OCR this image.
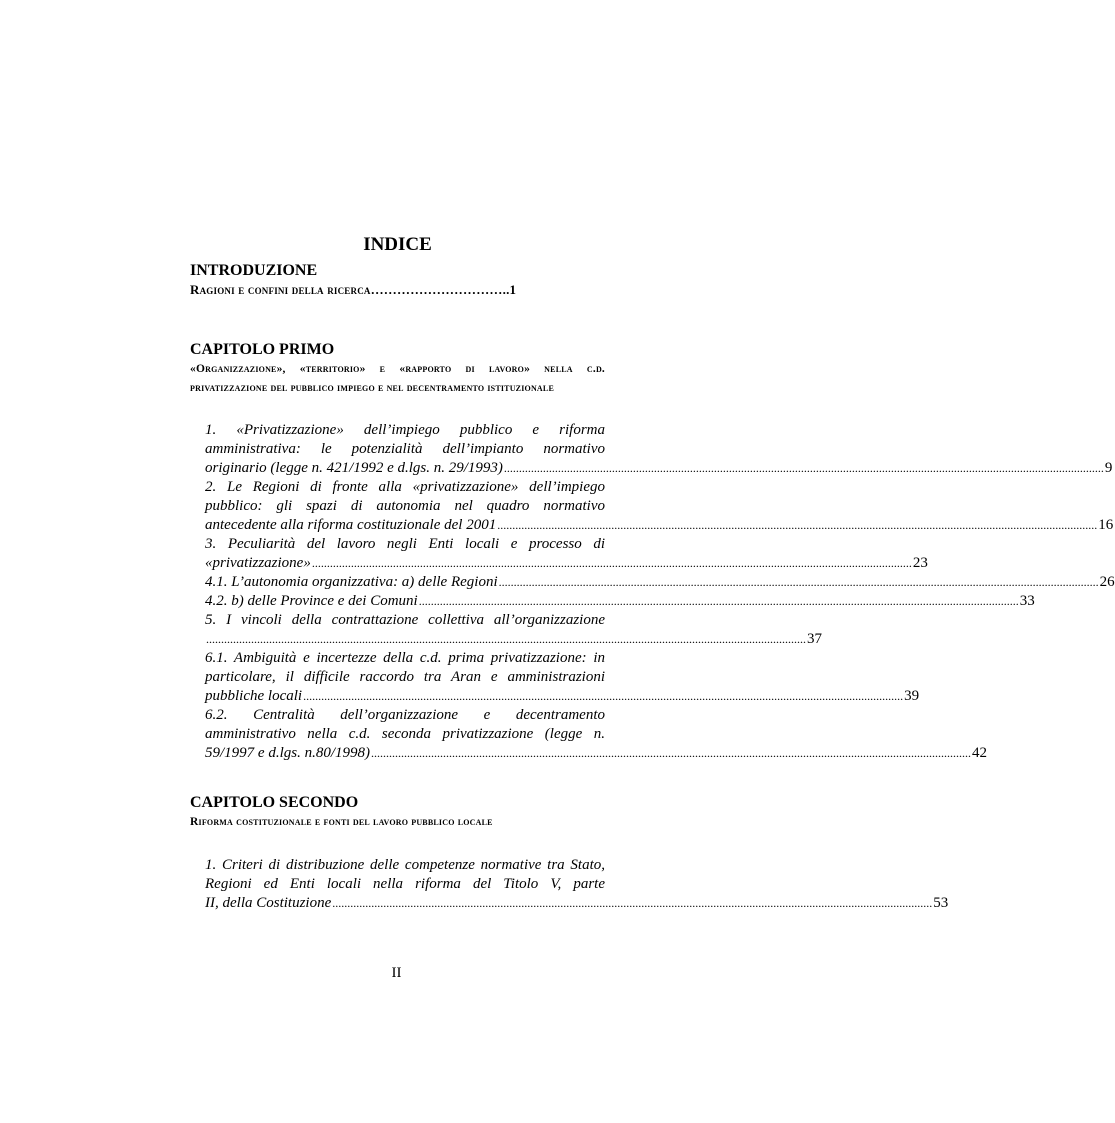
INDICE
INTRODUZIONE
Ragioni e confini della ricerca …………………………. .1
CAPITOLO PRIMO
«Organizzazione», «territorio» e «rapporto di lavoro» nella c.d. privatizzazione del pubblico impiego e nel decentramento istituzionale
1. «Privatizzazione» dell’impiego pubblico e riforma amministrativa: le potenzialità dell’impianto normativo
originario (legge n. 421/1992 e d.lgs. n. 29/1993) ........................................................................................................................................................................................................ 9
2. Le Regioni di fronte alla «privatizzazione» dell’impiego pubblico: gli spazi di autonomia nel quadro normativo
antecedente alla riforma costituzionale del 2001 ........................................................................................................................................................................................................ 16
3. Peculiarità del lavoro negli Enti locali e processo di
«privatizzazione» ........................................................................................................................................................................................................ 23
4.1. L’autonomia organizzativa: a) delle Regioni ........................................................................................................................................................................................................ 26
4.2. b) delle Province e dei Comuni ........................................................................................................................................................................................................ 33
5. I vincoli della contrattazione collettiva all’organizzazione
........................................................................................................................................................................................................ 37
6.1. Ambiguità e incertezze della c.d. prima privatizzazione: in particolare, il difficile raccordo tra Aran e amministrazioni
pubbliche locali ........................................................................................................................................................................................................ 39
6.2. Centralità dell’organizzazione e decentramento amministrativo nella c.d. seconda privatizzazione (legge n.
59/1997 e d.lgs. n.80/1998) ........................................................................................................................................................................................................ 42
CAPITOLO SECONDO
Riforma costituzionale e fonti del lavoro pubblico locale
1. Criteri di distribuzione delle competenze normative tra Stato, Regioni ed Enti locali nella riforma del Titolo V, parte
II, della Costituzione ........................................................................................................................................................................................................ 53
II
